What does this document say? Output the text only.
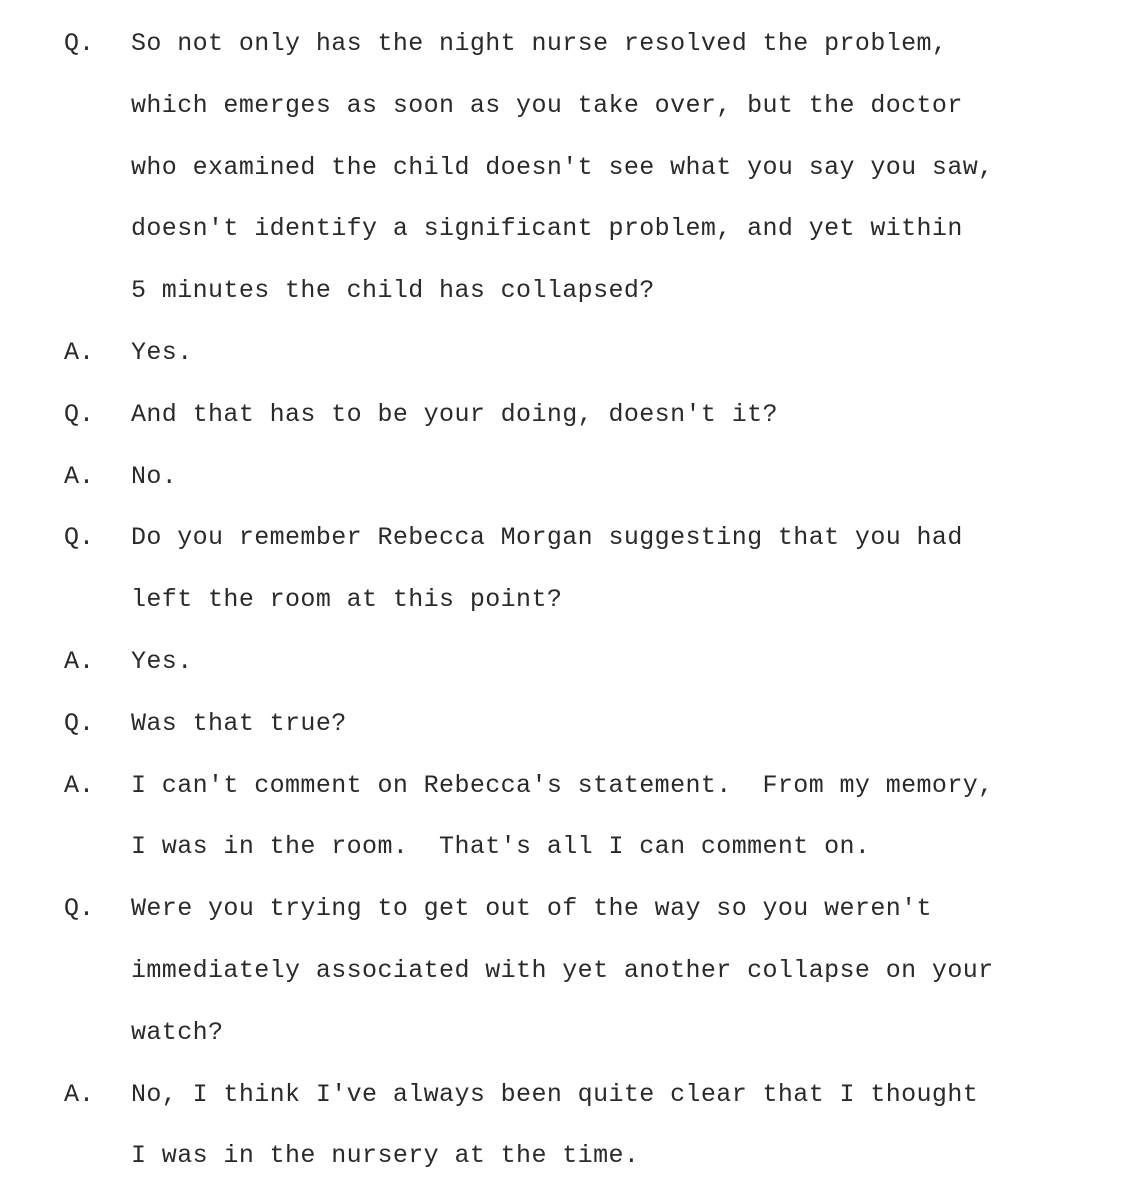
Q. So not only has the night nurse resolved the problem,
which emerges as soon as you take over, but the doctor
who examined the child doesn't see what you say you saw,
doesn't identify a significant problem, and yet within
5 minutes the child has collapsed?
A. Yes.
Q. And that has to be your doing, doesn't it?
A. No.
Q. Do you remember Rebecca Morgan suggesting that you had
left the room at this point?
A. Yes.
Q. Was that true?
A. I can't comment on Rebecca's statement.  From my memory,
I was in the room.  That's all I can comment on.
Q. Were you trying to get out of the way so you weren't
immediately associated with yet another collapse on your
watch?
A. No, I think I've always been quite clear that I thought
I was in the nursery at the time.
